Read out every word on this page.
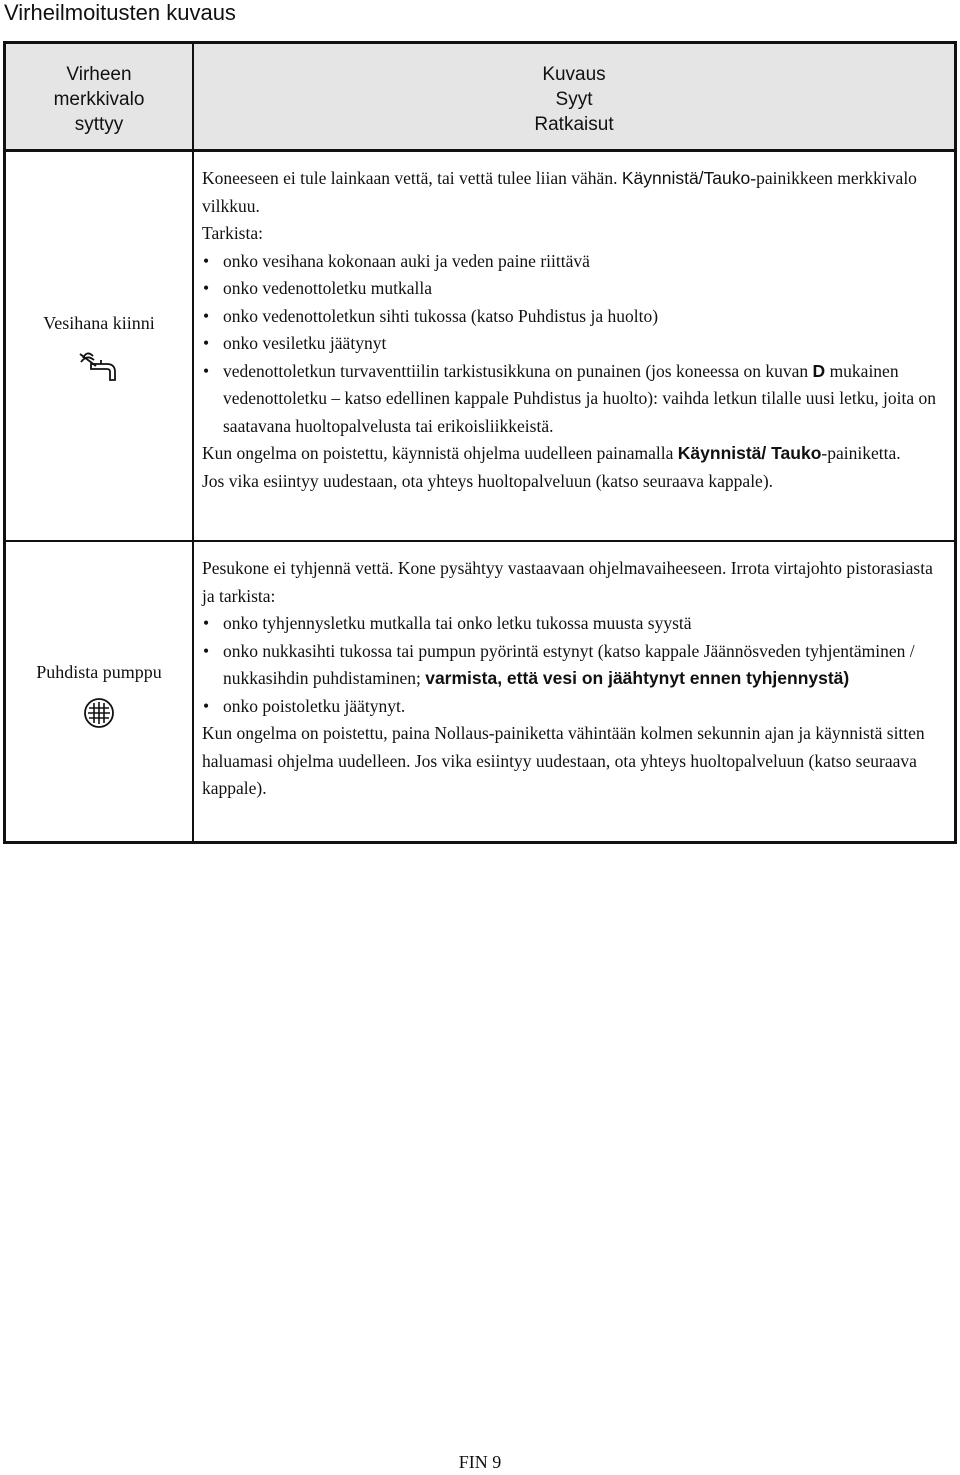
Virheilmoitusten kuvaus
Virheen
merkkivalo
syttyy
Kuvaus
Syyt
Ratkaisut
Vesihana kiinni

Koneeseen ei tule lainkaan vettä, tai vettä tulee liian vähän. Käynnistä/Tauko-painikkeen merkkivalo vilkkuu.

Tarkista:

• onko vesihana kokonaan auki ja veden paine riittävä
• onko vedenottoletku mutkalla
• onko vedenottoletkun sihti tukossa (katso Puhdistus ja huolto)
• onko vesiletku jäätynyt
• vedenottoletkun turvaventtiilin tarkistusikkuna on punainen (jos koneessa on kuvan D mukainen vedenottoletku – katso edellinen kappale Puhdistus ja huolto): vaihda letkun tilalle uusi letku, joita on saatavana huoltopalvelusta tai erikoisliikkeistä.

Kun ongelma on poistettu, käynnistä ohjelma uudelleen painamalla Käynnistä/ Tauko-painiketta.

Jos vika esiintyy uudestaan, ota yhteys huoltopalveluun (katso seuraava kappale).

Puhdista pumppu

Pesukone ei tyhjennä vettä. Kone pysähtyy vastaavaan ohjelmavaiheeseen. Irrota virtajohto pistorasiasta ja tarkista:

• onko tyhjennysletku mutkalla tai onko letku tukossa muusta syystä
• onko nukkasihti tukossa tai pumpun pyörintä estynyt (katso kappale Jäännösveden tyhjentäminen / nukkasihdin puhdistaminen; varmista, että vesi on jäähtynyt ennen tyhjennystä)
• onko poistoletku jäätynyt.

Kun ongelma on poistettu, paina Nollaus-painiketta vähintään kolmen sekunnin ajan ja käynnistä sitten haluamasi ohjelma uudelleen. Jos vika esiintyy uudestaan, ota yhteys huoltopalveluun (katso seuraava kappale).

FIN 9
